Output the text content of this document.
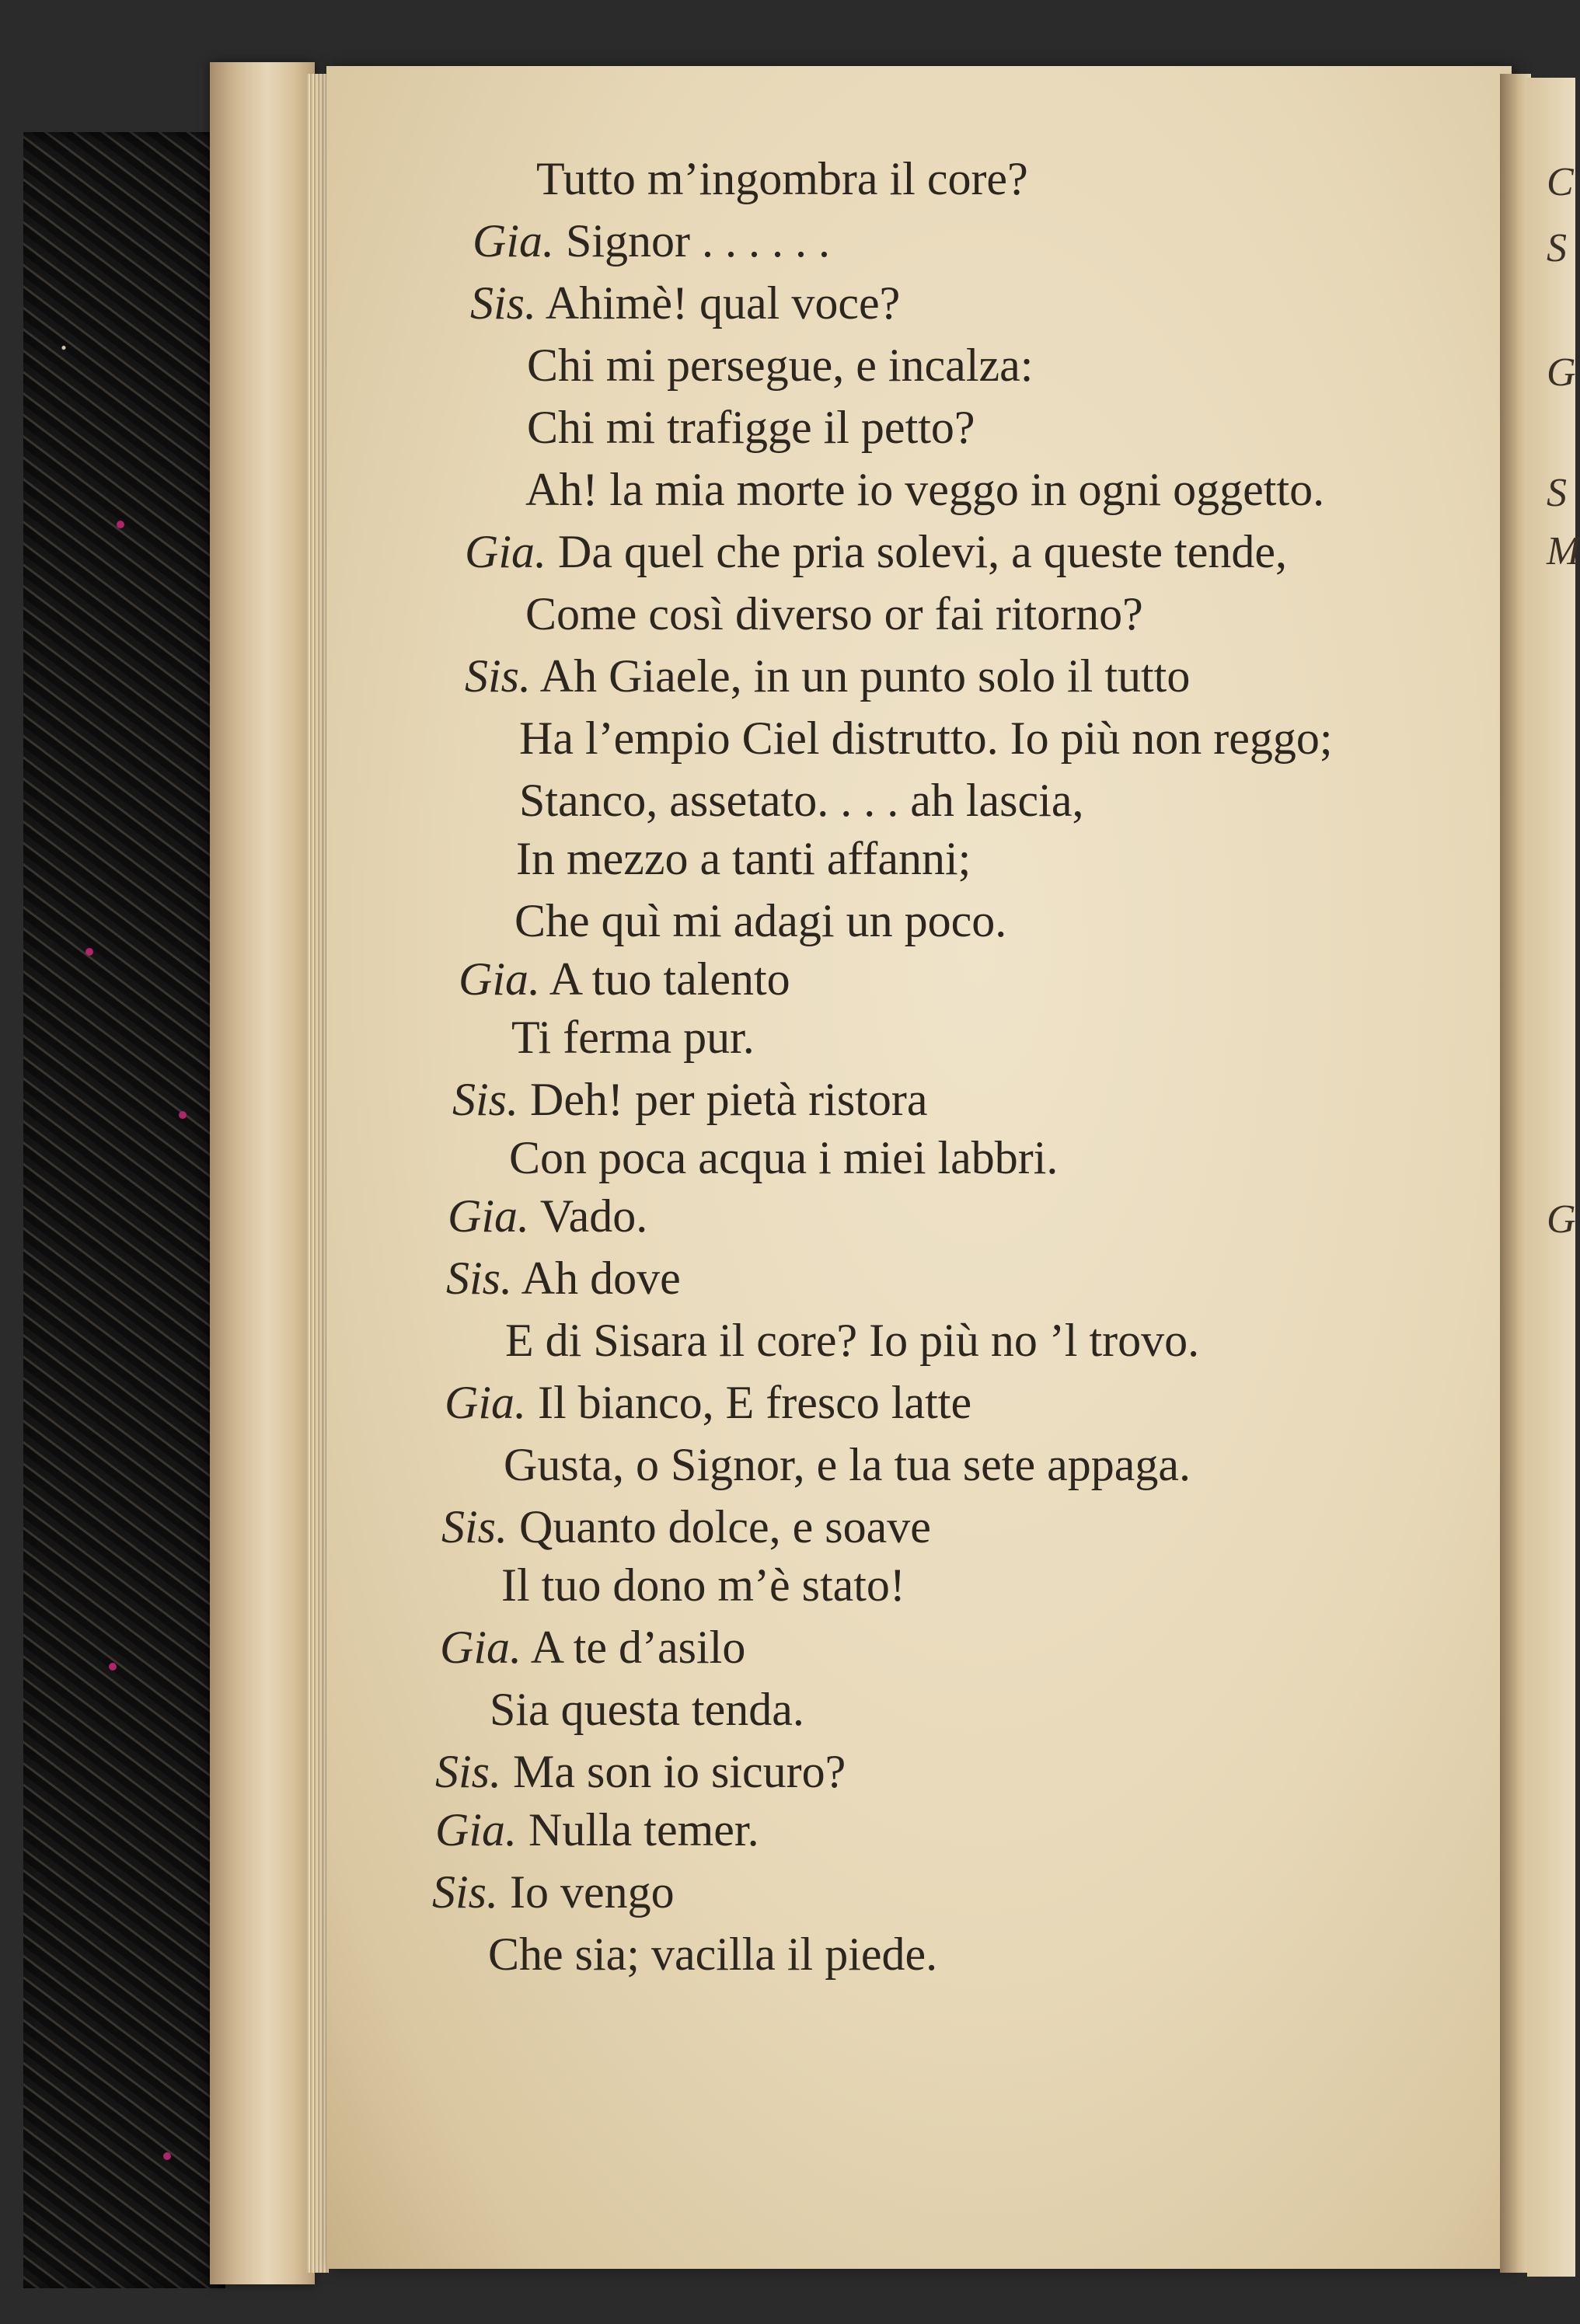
C
S
G
S
M
G
Tutto m’ingombra il core?
Gia. Signor . . . . . .
Sis. Ahimè! qual voce?
Chi mi persegue, e incalza:
Chi mi trafigge il petto?
Ah! la mia morte io veggo in ogni oggetto.
Gia. Da quel che pria solevi, a queste tende,
Come così diverso or fai ritorno?
Sis. Ah Giaele, in un punto solo il tutto
Ha l’empio Ciel distrutto. Io più non reggo;
Stanco, assetato. . . . ah lascia,
In mezzo a tanti affanni;
Che quì mi adagi un poco.
Gia. A tuo talento
Ti ferma pur.
Sis. Deh! per pietà ristora
Con poca acqua i miei labbri.
Gia. Vado.
Sis. Ah dove
E di Sisara il core? Io più no ’l trovo.
Gia. Il bianco, E fresco latte
Gusta, o Signor, e la tua sete appaga.
Sis. Quanto dolce, e soave
Il tuo dono m’è stato!
Gia. A te d’asilo
Sia questa tenda.
Sis. Ma son io sicuro?
Gia. Nulla temer.
Sis. Io vengo
Che sia; vacilla il piede.
